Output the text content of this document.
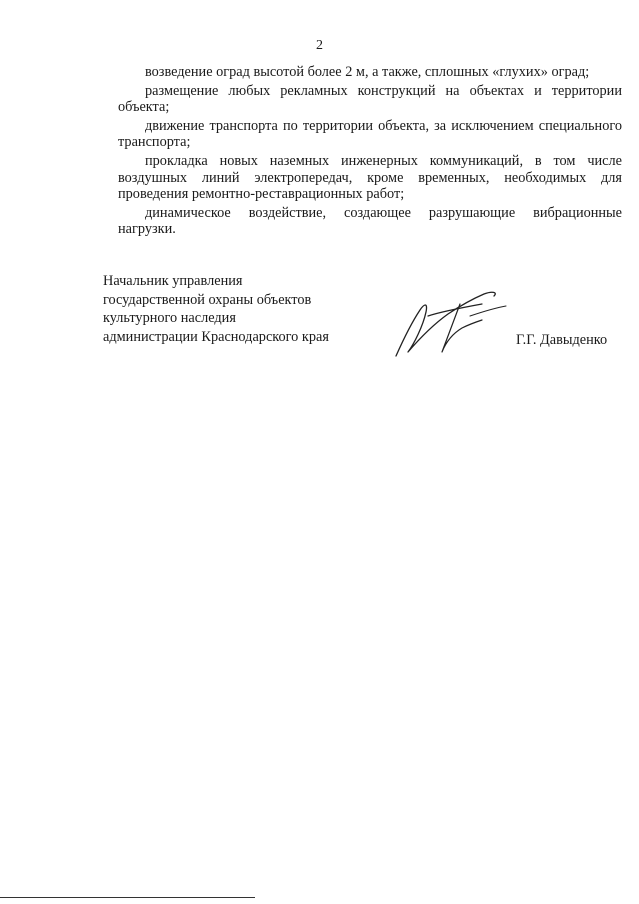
2

возведение оград высотой более 2 м, а также, сплошных «глухих» оград;

размещение любых рекламных конструкций на объектах и территории объекта;

движение транспорта по территории объекта, за исключением специального транспорта;

прокладка новых наземных инженерных коммуникаций, в том числе воздушных линий электропередач, кроме временных, необходимых для проведения ремонтно-реставрационных работ;

динамическое воздействие, создающее разрушающие вибрационные нагрузки.

Начальник управления
государственной охраны объектов
культурного наследия
администрации Краснодарского края	Г.Г. Давыденко
